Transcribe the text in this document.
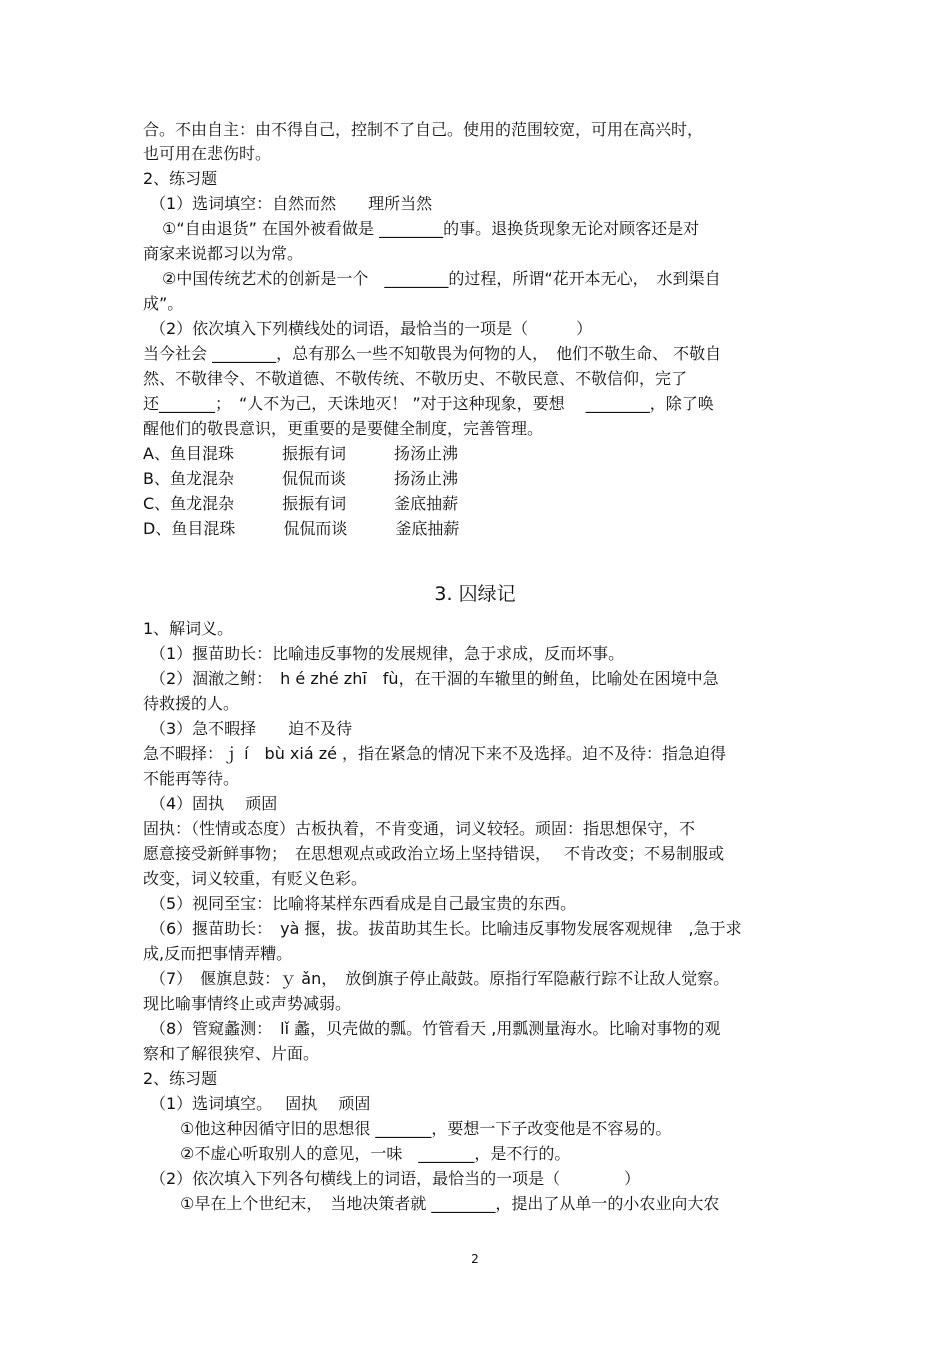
合。不由自主：由不得自己，控制不了自己。使用的范围较宽，可用在高兴时，
也可用在悲伤时。
2、练习题
（1）选词填空：自然而然　　理所当然
①“自由退货” 在国外被看做是 ________的事。退换货现象无论对顾客还是对
商家来说都习以为常。
②中国传统艺术的创新是一个　________的过程，所谓“花开本无心，　水到渠自
成”。
（2）依次填入下列横线处的词语，最恰当的一项是（　　　）
当今社会 ________，总有那么一些不知敬畏为何物的人，　他们不敬生命、 不敬自
然、不敬律令、不敬道德、不敬传统、不敬历史、不敬民意、不敬信仰，完了
还_______；　“人不为己，天诛地灭！ ”对于这种现象，要想　 ________，除了唤
醒他们的敬畏意识，更重要的是要健全制度，完善管理。
A、鱼目混珠　　　振振有词　　　扬汤止沸
B、鱼龙混杂　　　侃侃而谈　　　扬汤止沸
C、鱼龙混杂　　　振振有词　　　釜底抽薪
D、鱼目混珠　　　侃侃而谈　　　釜底抽薪
3. 囚绿记
1、解词义。
（1）揠苗助长：比喻违反事物的发展规律，急于求成，反而坏事。
（2）涸澈之鲋：　h é zhé zhī　fù，在干涸的车辙里的鲋鱼，比喻处在困境中急
待救援的人。
（3）急不暇择　　迫不及待
急不暇择：ｊ í　bù xiá zé ，指在紧急的情况下来不及选择。迫不及待：指急迫得
不能再等待。
（4）固执　 顽固
固执：（性情或态度）古板执着，不肯变通，词义较轻。顽固：指思想保守，不
愿意接受新鲜事物；　在思想观点或政治立场上坚持错误，　 不肯改变；不易制服或
改变，词义较重，有贬义色彩。
（5）视同至宝：比喻将某样东西看成是自己最宝贵的东西。
（6）揠苗助长：　yà 揠，拔。拔苗助其生长。比喻违反事物发展客观规律　,急于求
成,反而把事情弄糟。
（7）　偃旗息鼓：ｙ ǎn，　放倒旗子停止敲鼓。原指行军隐蔽行踪不让敌人觉察。
现比喻事情终止或声势减弱。
（8）管窥蠡测：　lǐ 蠡，贝壳做的瓢。竹管看天 ,用瓢测量海水。比喻对事物的观
察和了解很狭窄、片面。
2、练习题
（1）选词填空。　 固执　 顽固
①他这种因循守旧的思想很 _______，要想一下子改变他是不容易的。
②不虚心听取别人的意见，一味　_______，是不行的。
（2）依次填入下列各句横线上的词语，最恰当的一项是（　　　　）
①早在上个世纪末，　当地决策者就 ________，提出了从单一的小农业向大农
2
